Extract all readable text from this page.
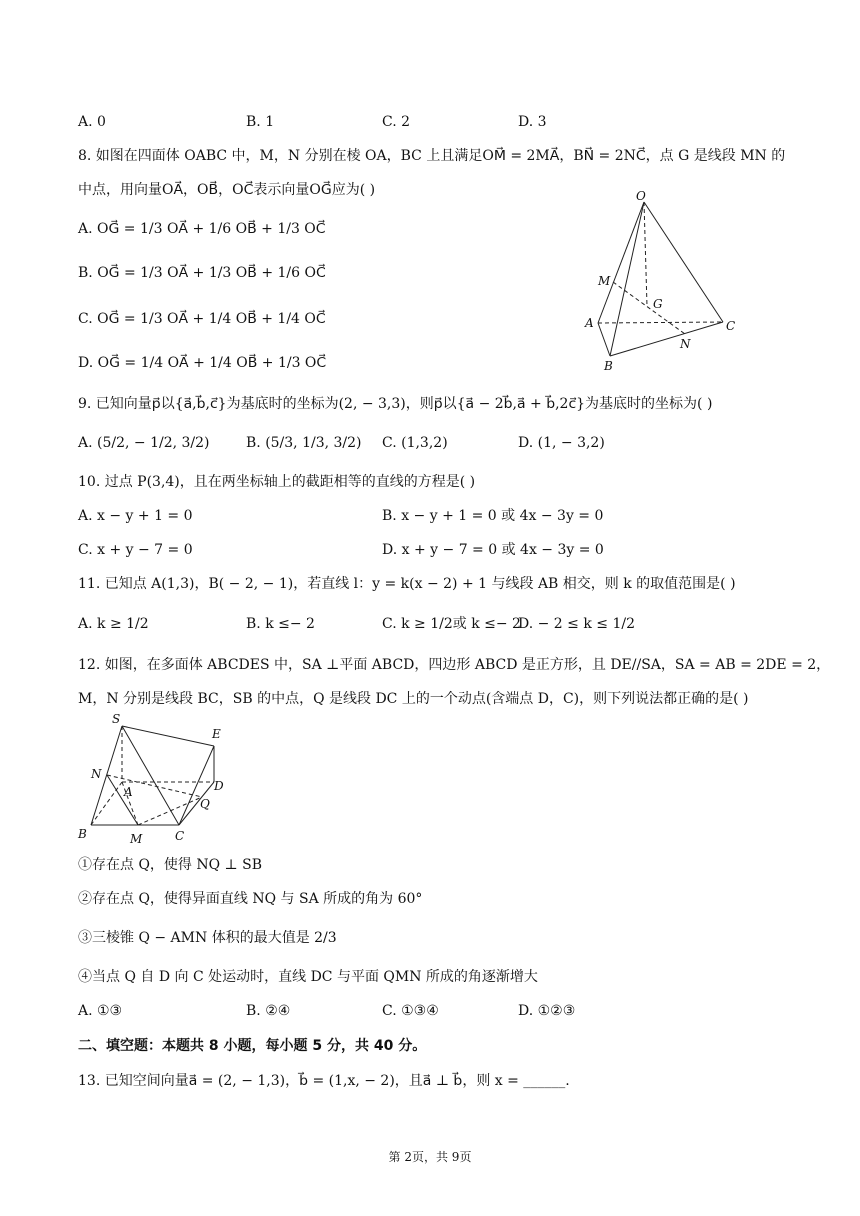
A. 0	B. 1	C. 2	D. 3
8. 如图在四面体 OABC 中，M，N 分别在棱 OA，BC 上且满足OM⃗ = 2MA⃗，BN⃗ = 2NC⃗，点 G 是线段 MN 的
中点，用向量OA⃗，OB⃗，OC⃗表示向量OG⃗应为( )
A. OG⃗ = 1/3 OA⃗ + 1/6 OB⃗ + 1/3 OC⃗
B. OG⃗ = 1/3 OA⃗ + 1/3 OB⃗ + 1/6 OC⃗
C. OG⃗ = 1/3 OA⃗ + 1/4 OB⃗ + 1/4 OC⃗
D. OG⃗ = 1/4 OA⃗ + 1/4 OB⃗ + 1/3 OC⃗
O
M
G
A	C
N
B
9. 已知向量p⃗以{a⃗,b⃗,c⃗}为基底时的坐标为(2, − 3,3)，则p⃗以{a⃗ − 2b⃗,a⃗ + b⃗,2c⃗}为基底时的坐标为( )
A. (5/2, − 1/2, 3/2)	B. (5/3, 1/3, 3/2) C. (1,3,2)	D. (1, − 3,2)
10. 过点 P(3,4)，且在两坐标轴上的截距相等的直线的方程是( )
A. x − y + 1 = 0	B. x − y + 1 = 0 或 4x − 3y = 0
C. x + y − 7 = 0	D. x + y − 7 = 0 或 4x − 3y = 0
11. 已知点 A(1,3)，B( − 2, − 1)，若直线 l：y = k(x − 2) + 1 与线段 AB 相交，则 k 的取值范围是( )
A. k ≥ 1/2	B. k ≤− 2	C. k ≥ 1/2或 k ≤− 2
D. − 2 ≤ k ≤ 1/2
12. 如图，在多面体 ABCDES 中，SA ⊥平面 ABCD，四边形 ABCD 是正方形，且 DE//SA，SA = AB = 2DE = 2，
M，N 分别是线段 BC，SB 的中点，Q 是线段 DC 上的一个动点(含端点 D，C)，则下列说法都正确的是( )
S
E
N
A	D
Q
B	M	C
①存在点 Q，使得 NQ ⊥ SB
②存在点 Q，使得异面直线 NQ 与 SA 所成的角为 60°
③三棱锥 Q − AMN 体积的最大值是 2/3
④当点 Q 自 D 向 C 处运动时，直线 DC 与平面 QMN 所成的角逐渐增大
A. ①③	B. ②④	C. ①③④	D. ①②③
二、填空题：本题共 8 小题，每小题 5 分，共 40 分。
13. 已知空间向量a⃗ = (2, − 1,3)，b⃗ = (1,x, − 2)，且a⃗ ⊥ b⃗，则 x = ______.
第 2页，共 9页
